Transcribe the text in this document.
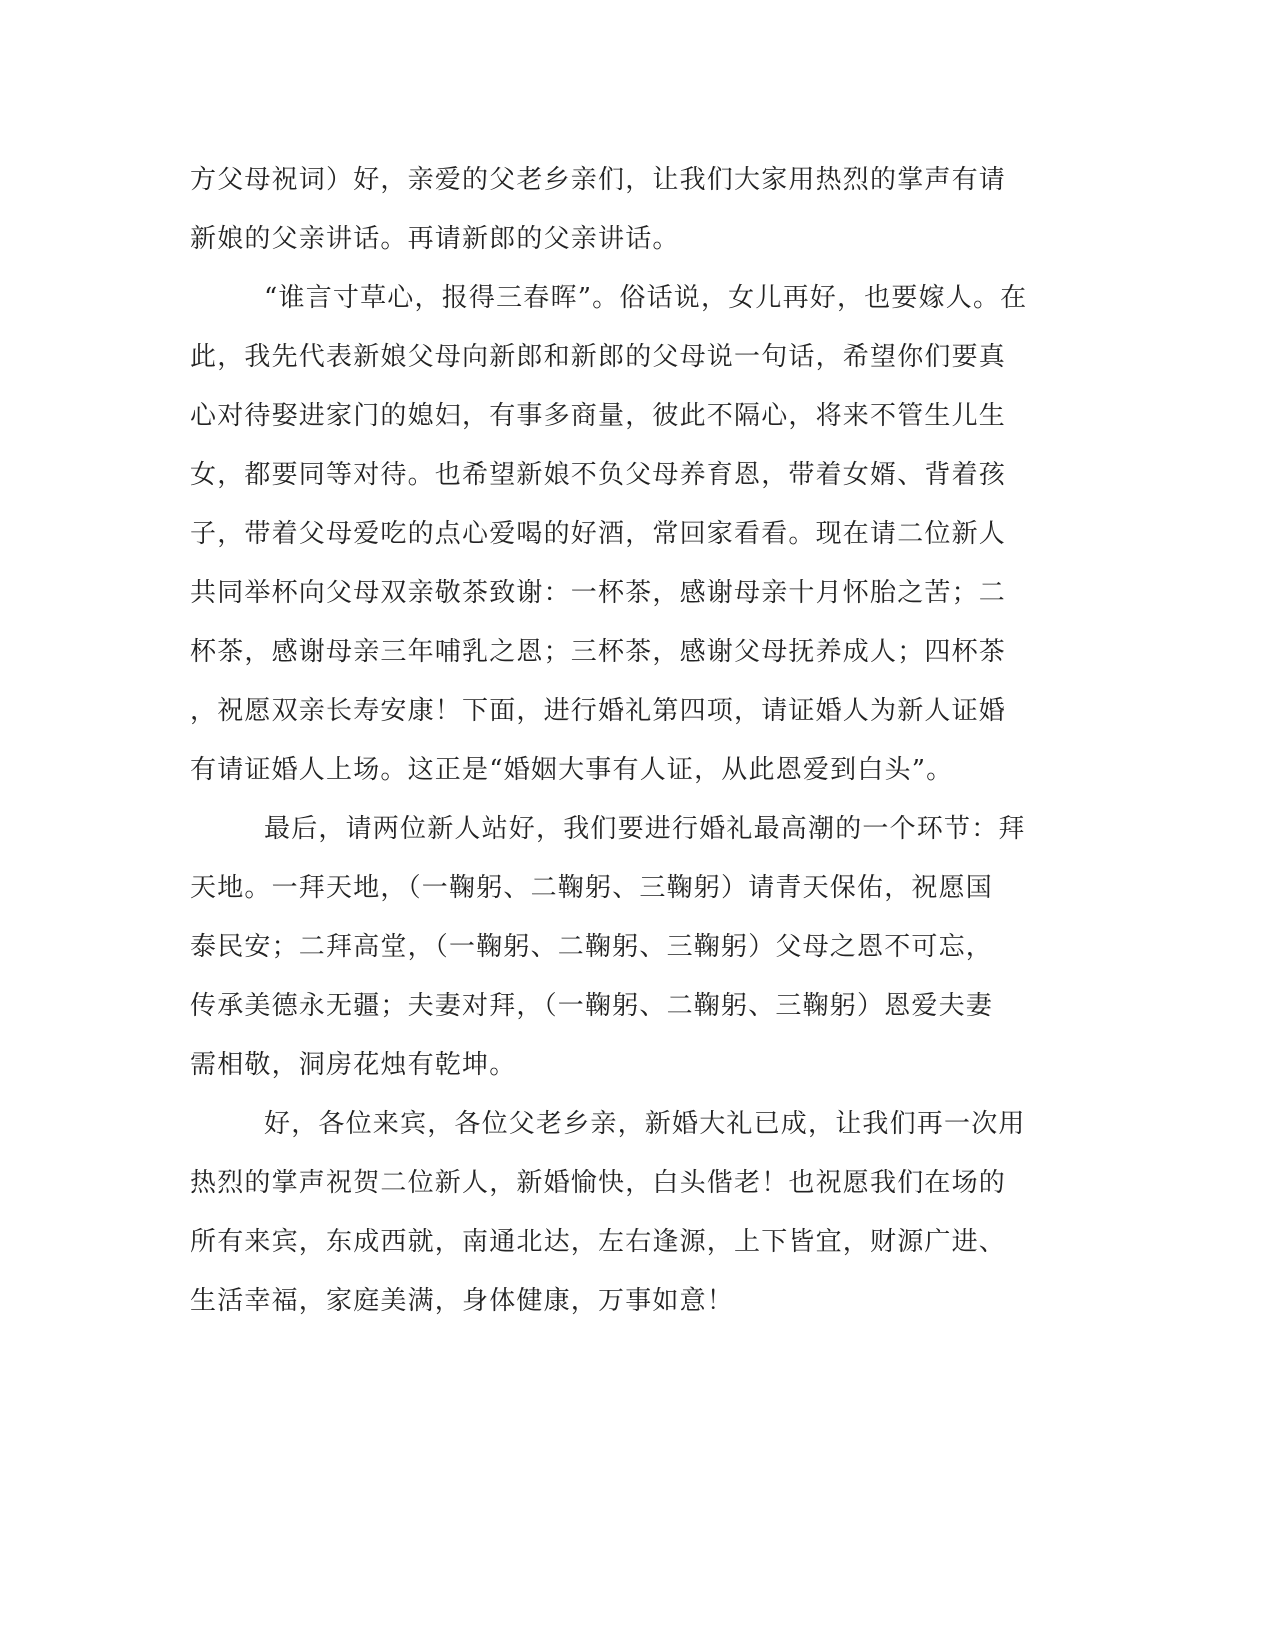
方父母祝词）好，亲爱的父老乡亲们，让我们大家用热烈的掌声有请
新娘的父亲讲话。再请新郎的父亲讲话。
“谁言寸草心，报得三春晖”。俗话说，女儿再好，也要嫁人。在
此，我先代表新娘父母向新郎和新郎的父母说一句话，希望你们要真
心对待娶进家门的媳妇，有事多商量，彼此不隔心，将来不管生儿生
女，都要同等对待。也希望新娘不负父母养育恩，带着女婿、背着孩
子，带着父母爱吃的点心爱喝的好酒，常回家看看。现在请二位新人
共同举杯向父母双亲敬茶致谢：一杯茶，感谢母亲十月怀胎之苦；二
杯茶，感谢母亲三年哺乳之恩；三杯茶，感谢父母抚养成人；四杯茶
，祝愿双亲长寿安康！下面，进行婚礼第四项，请证婚人为新人证婚
有请证婚人上场。这正是“婚姻大事有人证，从此恩爱到白头”。
最后，请两位新人站好，我们要进行婚礼最高潮的一个环节：拜
天地。一拜天地，（一鞠躬、二鞠躬、三鞠躬）请青天保佑，祝愿国
泰民安；二拜高堂，（一鞠躬、二鞠躬、三鞠躬）父母之恩不可忘，
传承美德永无疆；夫妻对拜，（一鞠躬、二鞠躬、三鞠躬）恩爱夫妻
需相敬，洞房花烛有乾坤。
好，各位来宾，各位父老乡亲，新婚大礼已成，让我们再一次用
热烈的掌声祝贺二位新人，新婚愉快，白头偕老！也祝愿我们在场的
所有来宾，东成西就，南通北达，左右逢源，上下皆宜，财源广进、
生活幸福，家庭美满，身体健康，万事如意！
